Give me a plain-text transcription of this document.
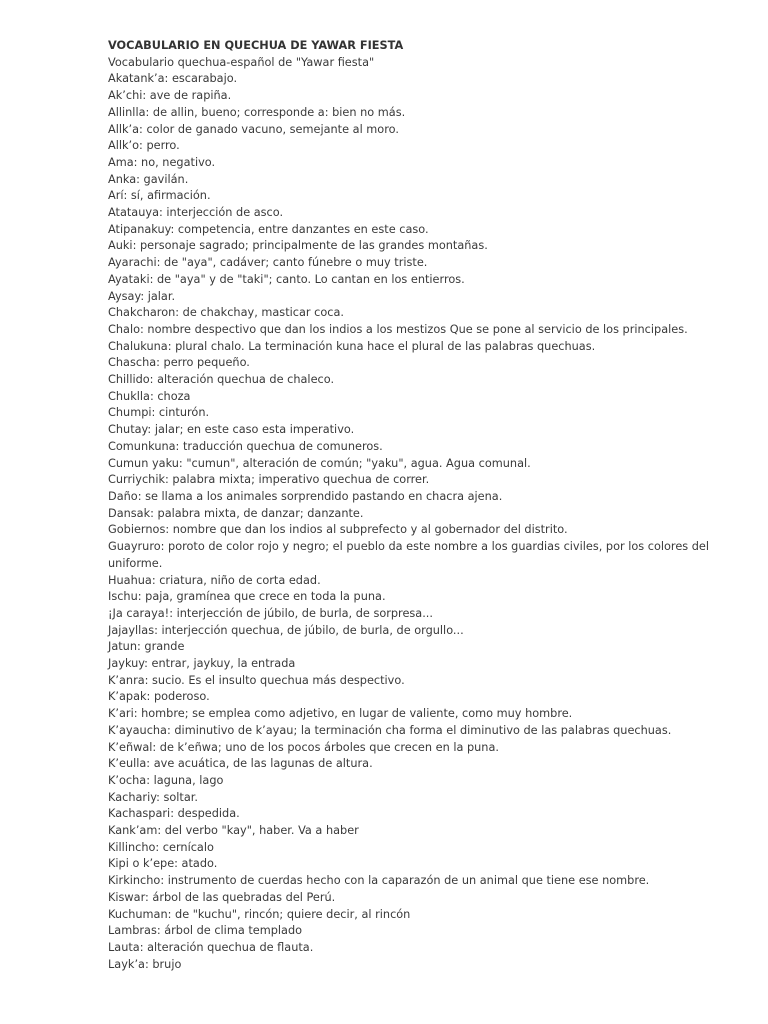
VOCABULARIO EN QUECHUA DE YAWAR FIESTA

Vocabulario quechua-español de "Yawar fiesta"

Akatank’a: escarabajo.

Ak’chi: ave de rapiña.

Allinlla: de allin, bueno; corresponde a: bien no más.

Allk’a: color de ganado vacuno, semejante al moro.

Allk’o: perro.

Ama: no, negativo.

Anka: gavilán.

Arí: sí, afirmación.

Atatauya: interjección de asco.

Atipanakuy: competencia, entre danzantes en este caso.

Auki: personaje sagrado; principalmente de las grandes montañas.

Ayarachi: de "aya", cadáver; canto fúnebre o muy triste.

Ayataki: de "aya" y de "taki"; canto. Lo cantan en los entierros.

Aysay: jalar.

Chakcharon: de chakchay, masticar coca.

Chalo: nombre despectivo que dan los indios a los mestizos Que se pone al servicio de los principales.

Chalukuna: plural chalo. La terminación kuna hace el plural de las palabras quechuas.

Chascha: perro pequeño.

Chillido: alteración quechua de chaleco.

Chuklla: choza

Chumpi: cinturón.

Chutay: jalar; en este caso esta imperativo.

Comunkuna: traducción quechua de comuneros.

Cumun yaku: "cumun", alteración de común; "yaku", agua. Agua comunal.

Curriychik: palabra mixta; imperativo quechua de correr.

Daño: se llama a los animales sorprendido pastando en chacra ajena.

Dansak: palabra mixta, de danzar; danzante.

Gobiernos: nombre que dan los indios al subprefecto y al gobernador del distrito.

Guayruro: poroto de color rojo y negro; el pueblo da este nombre a los guardias civiles, por los colores del uniforme.

Huahua: criatura, niño de corta edad.

Ischu: paja, gramínea que crece en toda la puna.

¡Ja caraya!: interjección de júbilo, de burla, de sorpresa...

Jajayllas: interjección quechua, de júbilo, de burla, de orgullo...

Jatun: grande

Jaykuy: entrar, jaykuy, la entrada

K’anra: sucio. Es el insulto quechua más despectivo.

K’apak: poderoso.

K’ari: hombre; se emplea como adjetivo, en lugar de valiente, como muy hombre.

K’ayaucha: diminutivo de k’ayau; la terminación cha forma el diminutivo de las palabras quechuas.

K’eñwal: de k’eñwa; uno de los pocos árboles que crecen en la puna.

K’eulla: ave acuática, de las lagunas de altura.

K’ocha: laguna, lago

Kachariy: soltar.

Kachaspari: despedida.

Kank’am: del verbo "kay", haber. Va a haber

Killincho: cernícalo

Kipi o k’epe: atado.

Kirkincho: instrumento de cuerdas hecho con la caparazón de un animal que tiene ese nombre.

Kiswar: árbol de las quebradas del Perú.

Kuchuman: de "kuchu", rincón; quiere decir, al rincón

Lambras: árbol de clima templado

Lauta: alteración quechua de flauta.

Layk’a: brujo
